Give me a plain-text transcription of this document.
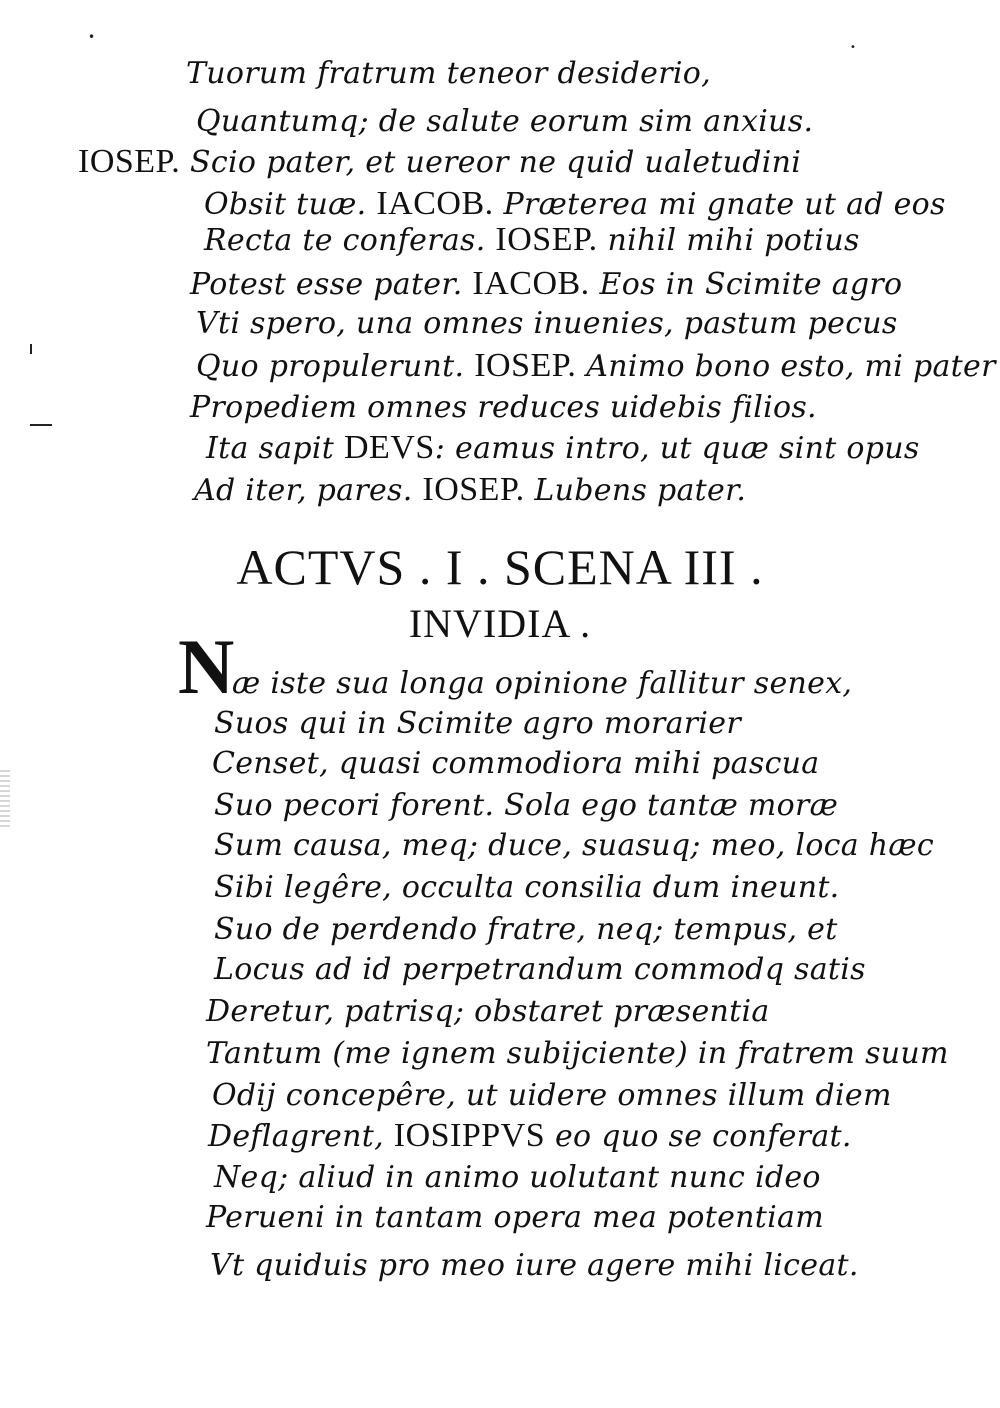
•
•
Tuorum fratrum teneor desiderio,
Quantumq; de salute eorum sim anxius.
IOSEP. Scio pater, et uereor ne quid ualetudini
Obsit tuæ. IACOB. Præterea mi gnate ut ad eos
Recta te conferas. IOSEP. nihil mihi potius
Potest esse pater. IACOB. Eos in Scimite agro
Vti spero, una omnes inuenies, pastum pecus
Quo propulerunt. IOSEP. Animo bono esto, mi pater
Propediem omnes reduces uidebis filios.
Ita sapit DEVS: eamus intro, ut quæ sint opus
Ad iter, pares. IOSEP. Lubens pater.
ACTVS . I . SCENA III .
INVIDIA .
N
æ iste sua longa opinione fallitur senex,
Suos qui in Scimite agro morarier
Censet, quasi commodiora mihi pascua
Suo pecori forent. Sola ego tantæ moræ
Sum causa, meq; duce, suasuq; meo, loca hæc
Sibi legêre, occulta consilia dum ineunt.
Suo de perdendo fratre, neq; tempus, et
Locus ad id perpetrandum commodq satis
Deretur, patrisq; obstaret præsentia
Tantum (me ignem subijciente) in fratrem suum
Odij concepêre, ut uidere omnes illum diem
Deflagrent, IOSIPPVS eo quo se conferat.
Neq; aliud in animo uolutant nunc ideo
Perueni in tantam opera mea potentiam
Vt quiduis pro meo iure agere mihi liceat.
